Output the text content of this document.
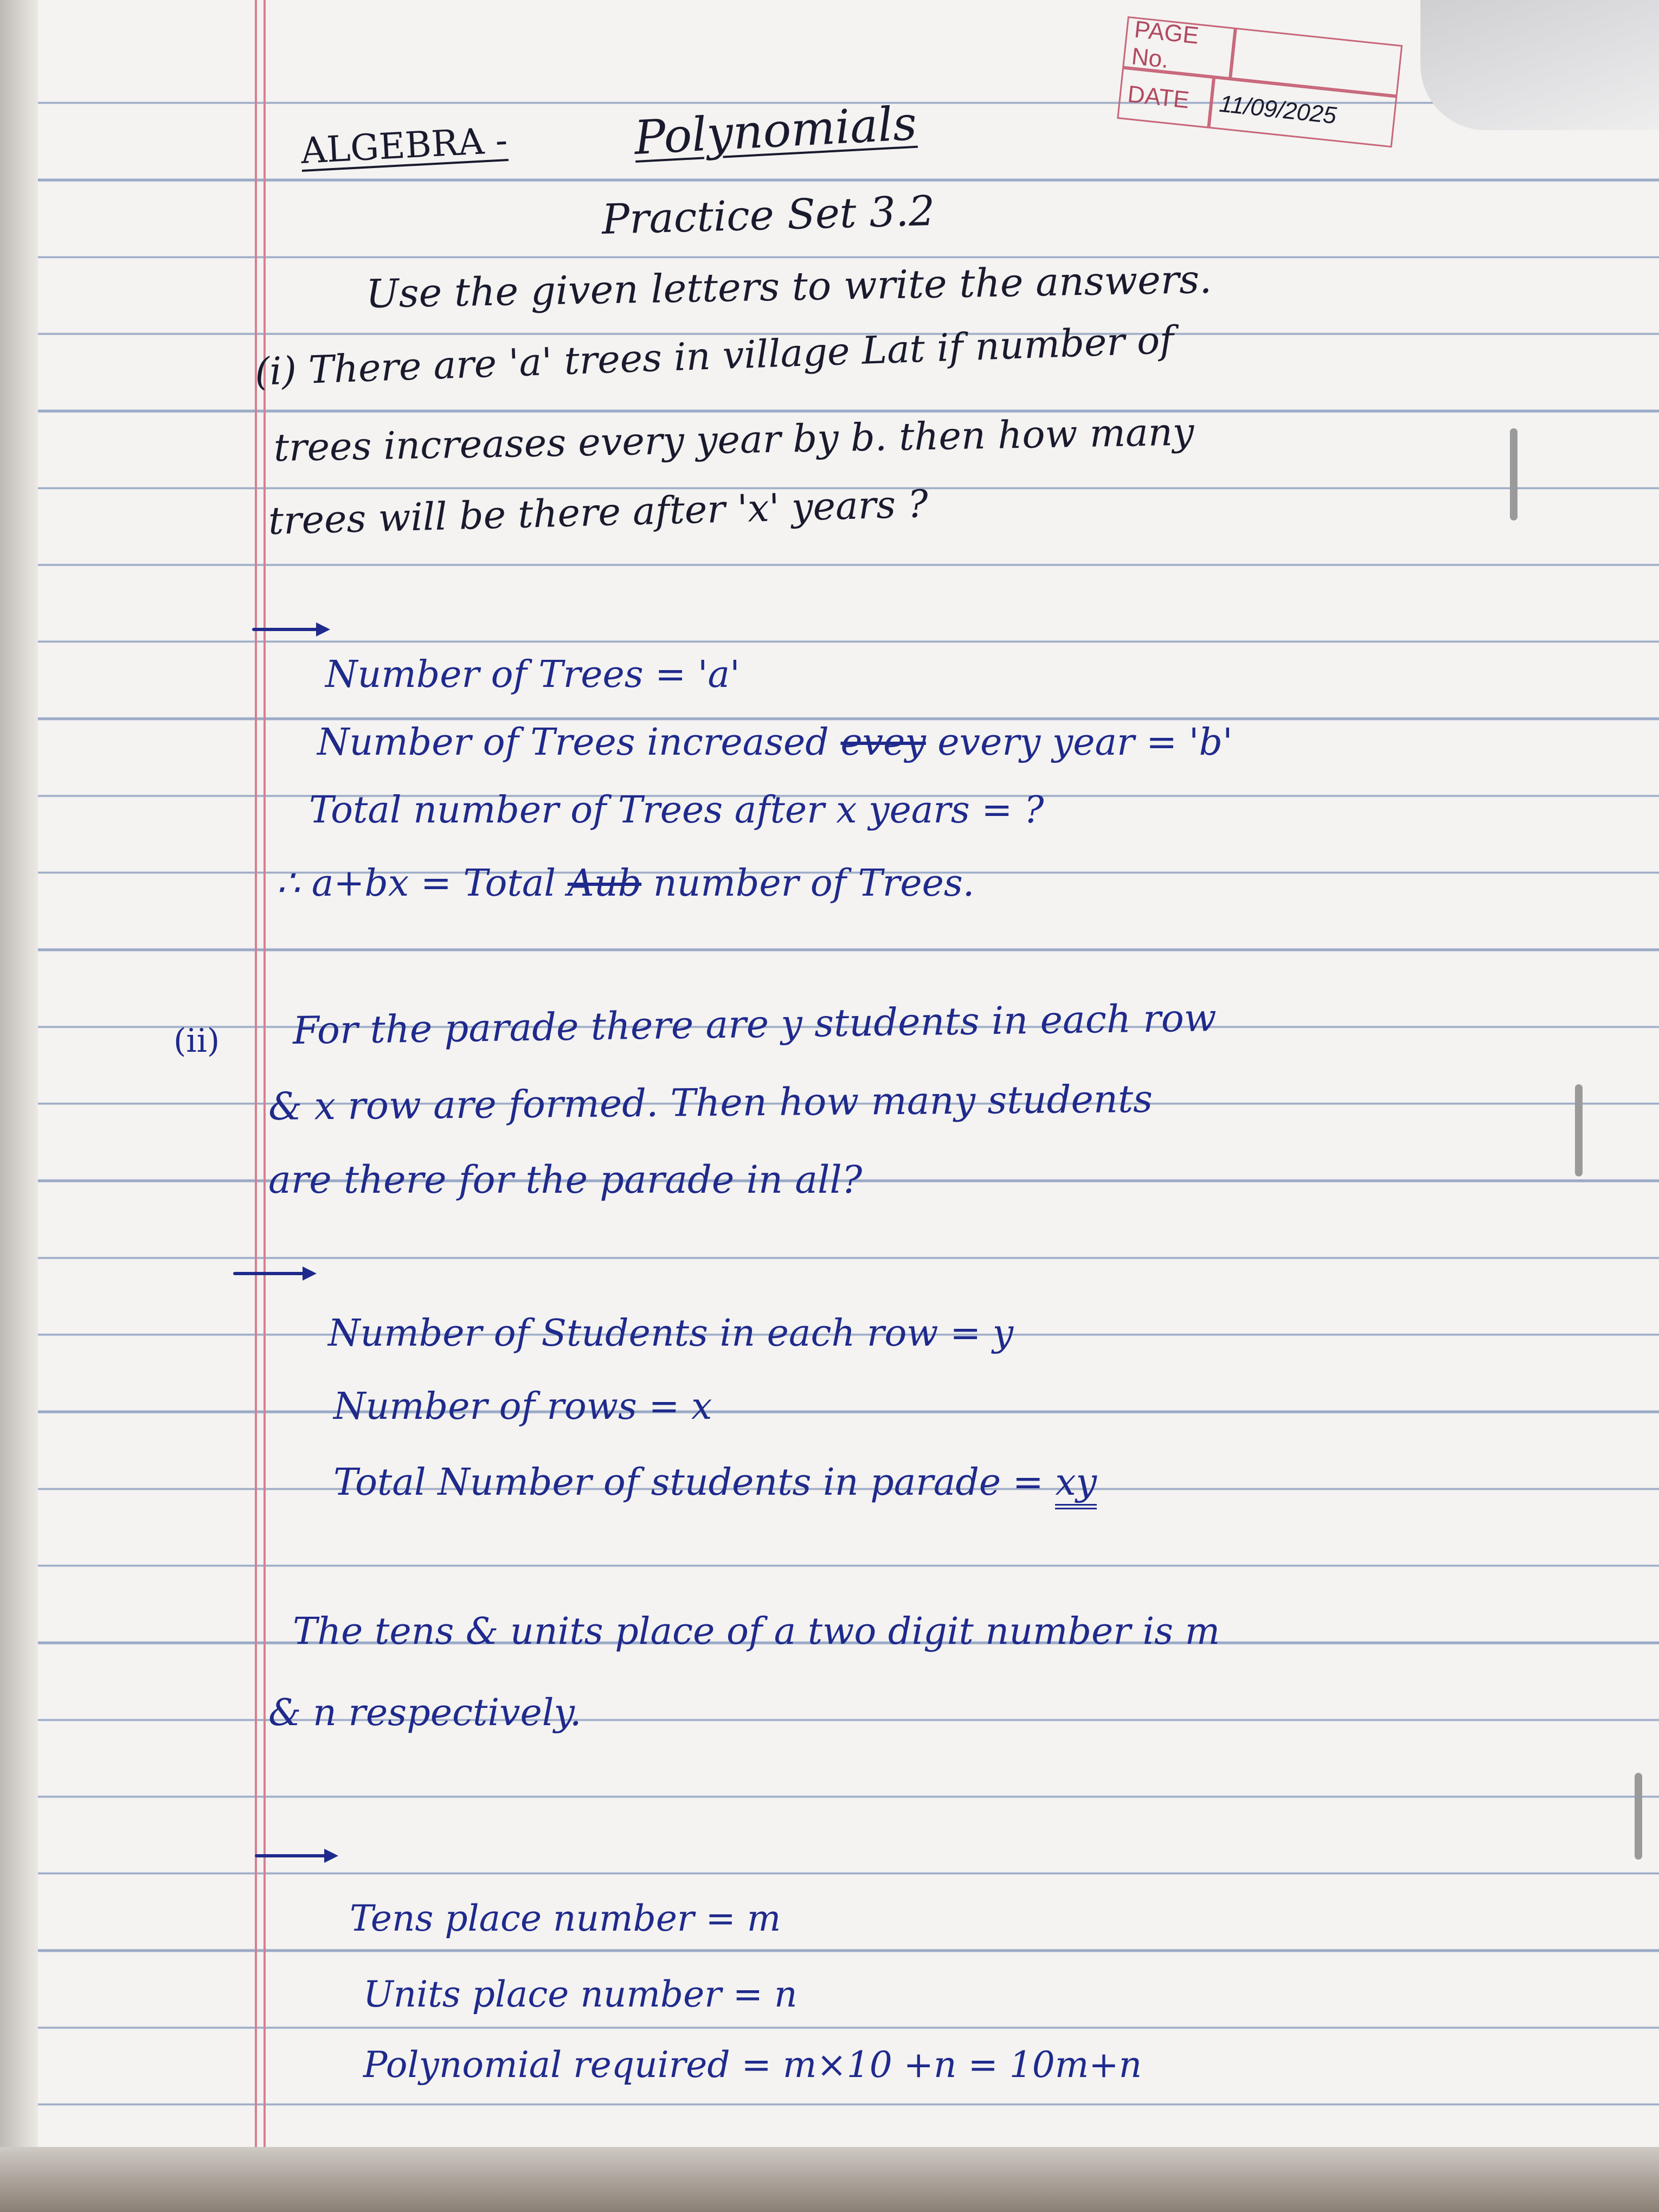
PAGE No.
DATE	11/09/2025
ALGEBRA -	Polynomials
Practice Set 3.2
Use the given letters to write the answers.
(i) There are 'a' trees in village Lat if number of
trees increases every year by b. then how many
trees will be there after 'x' years ?
Number of Trees = 'a'
Number of Trees increased evey every year = 'b'
Total number of Trees after x years = ?
∴ a+bx = Total Aub number of Trees.
(ii) For the parade there are y students in each row
& x row are formed. Then how many students
are there for the parade in all?
Number of Students in each row = y
Number of rows = x
Total Number of students in parade = xy
The tens & units place of a two digit number is m
& n respectively.
Tens place number = m
Units place number = n
Polynomial required = m×10 +n = 10m+n
